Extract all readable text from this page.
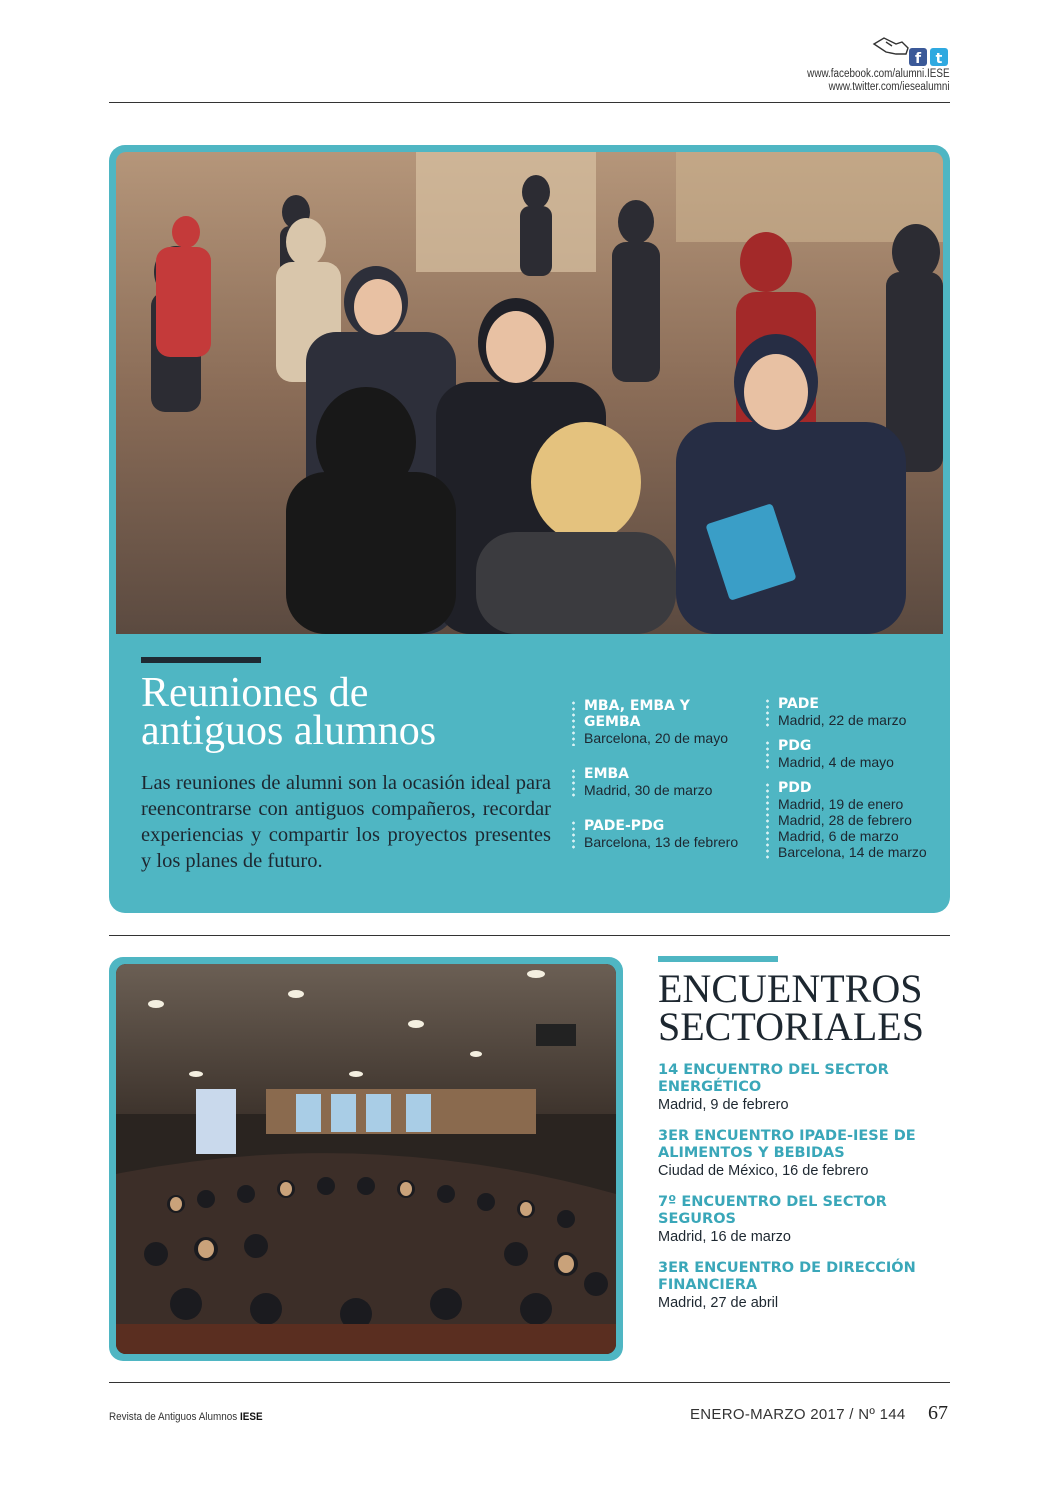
f t
www.facebook.com/alumni.IESE
www.twitter.com/iesealumni
Reuniones de
antiguos alumnos
Las reuniones de alumni son la ocasión ideal para reencontrarse con antiguos compañeros, recordar experiencias y compartir los proyectos presentes y los planes de futuro.
MBA, EMBA Y GEMBA
Barcelona, 20 de mayo
EMBA
Madrid, 30 de marzo
PADE-PDG
Barcelona, 13 de febrero
PADE
Madrid, 22 de marzo
PDG
Madrid, 4 de mayo
PDD
Madrid, 19 de enero
Madrid, 28 de febrero
Madrid, 6 de marzo
Barcelona, 14 de marzo
ENCUENTROS
SECTORIALES
14 ENCUENTRO DEL SECTOR ENERGÉTICO
Madrid, 9 de febrero
3ER ENCUENTRO IPADE-IESE DE ALIMENTOS Y BEBIDAS
Ciudad de México, 16 de febrero
7º ENCUENTRO DEL SECTOR SEGUROS
Madrid, 16 de marzo
3ER ENCUENTRO DE DIRECCIÓN FINANCIERA
Madrid, 27 de abril
Revista de Antiguos Alumnos IESE	ENERO-MARZO 2017 / Nº 144 67
